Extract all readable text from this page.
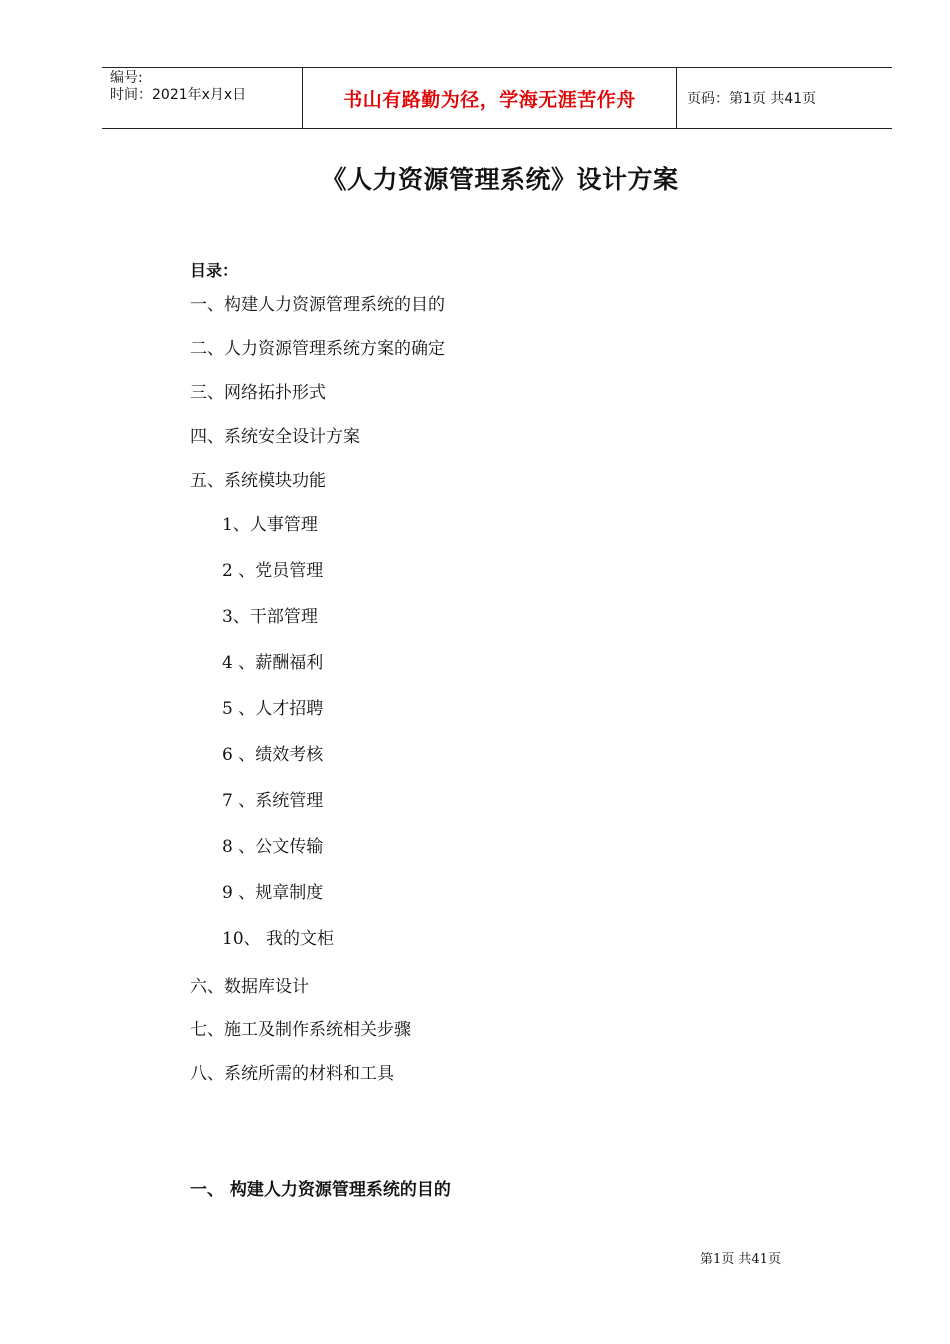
编号:
时间：2021年x月x日	书山有路勤为径，学海无涯苦作舟	页码：第1页 共41页
《人力资源管理系统》设计方案
目录：
一、构建人力资源管理系统的目的
二、人力资源管理系统方案的确定
三、网络拓扑形式
四、系统安全设计方案
五、系统模块功能
1、人事管理
2 、党员管理
3、干部管理
4 、薪酬福利
5 、人才招聘
6 、绩效考核
7 、系统管理
8 、公文传输
9 、规章制度
10、 我的文柜
六、数据库设计
七、施工及制作系统相关步骤
八、系统所需的材料和工具
一、 构建人力资源管理系统的目的
第1页 共41页
